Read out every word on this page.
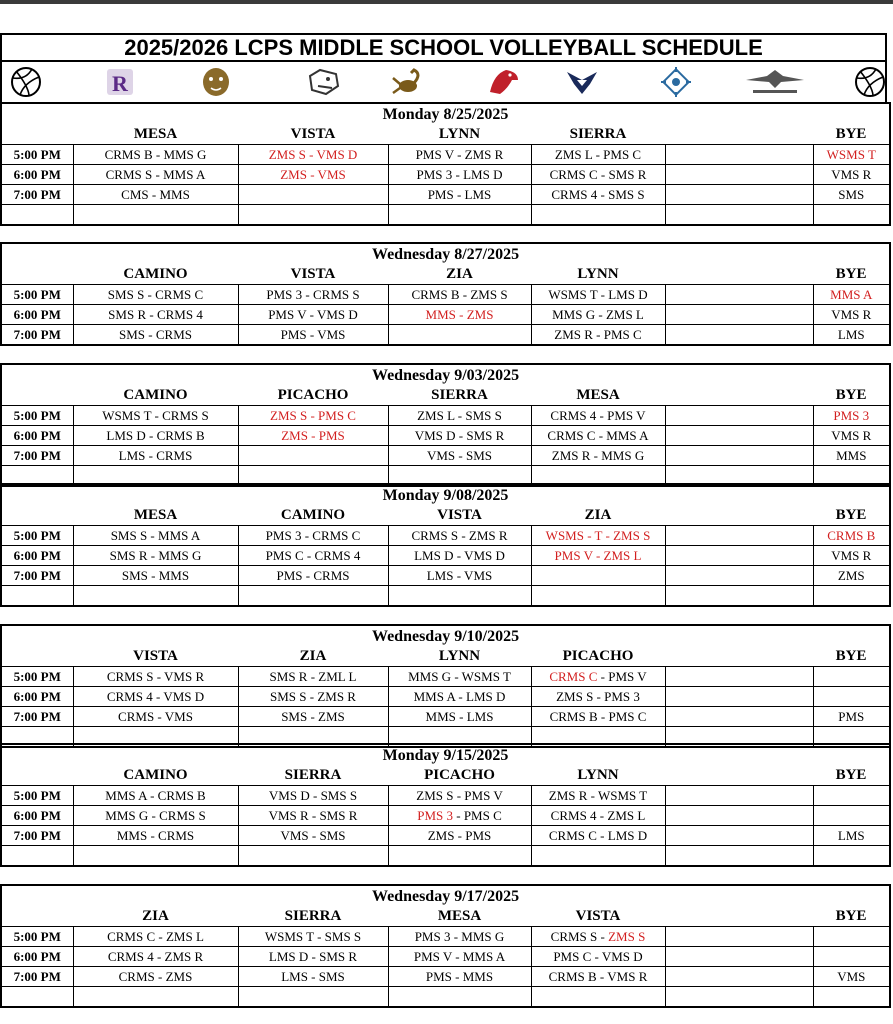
2025/2026 LCPS MIDDLE SCHOOL VOLLEYBALL SCHEDULE
R
Monday 8/25/2025						
	MESA	VISTA	LYNN	SIERRA		BYE
5:00 PM	CRMS B - MMS G	ZMS S - VMS D	PMS V - ZMS R	ZMS L - PMS C		WSMS T
6:00 PM	CRMS S - MMS A	ZMS - VMS	PMS 3 - LMS D	CRMS C - SMS R		VMS R
7:00 PM	CMS - MMS		PMS - LMS	CRMS 4 - SMS S		SMS

Wednesday 8/27/2025						
	CAMINO	VISTA	ZIA	LYNN		BYE
5:00 PM	SMS S - CRMS C	PMS 3 - CRMS S	CRMS B - ZMS S	WSMS T - LMS D		MMS A
6:00 PM	SMS R - CRMS 4	PMS V - VMS D	MMS - ZMS	MMS G - ZMS L		VMS R
7:00 PM	SMS - CRMS	PMS - VMS		ZMS R - PMS C		LMS
Wednesday 9/03/2025						
	CAMINO	PICACHO	SIERRA	MESA		BYE
5:00 PM	WSMS T - CRMS S	ZMS S - PMS C	ZMS L - SMS S	CRMS 4 - PMS V		PMS 3
6:00 PM	LMS D - CRMS B	ZMS - PMS	VMS D - SMS R	CRMS C - MMS A		VMS R
7:00 PM	LMS - CRMS		VMS - SMS	ZMS R - MMS G		MMS

Monday 9/08/2025						
	MESA	CAMINO	VISTA	ZIA		BYE
5:00 PM	SMS S - MMS A	PMS 3 - CRMS C	CRMS S - ZMS R	WSMS - T - ZMS S		CRMS B
6:00 PM	SMS R - MMS G	PMS C - CRMS 4	LMS D - VMS D	PMS V - ZMS L		VMS R
7:00 PM	SMS - MMS	PMS - CRMS	LMS - VMS			ZMS

Wednesday 9/10/2025						
	VISTA	ZIA	LYNN	PICACHO		BYE
5:00 PM	CRMS S - VMS R	SMS R - ZML L	MMS G - WSMS T	CRMS C - PMS V		
6:00 PM	CRMS 4 - VMS D	SMS S - ZMS R	MMS A - LMS D	ZMS S - PMS 3		
7:00 PM	CRMS - VMS	SMS - ZMS	MMS - LMS	CRMS B - PMS C		PMS

Monday 9/15/2025						
	CAMINO	SIERRA	PICACHO	LYNN		BYE
5:00 PM	MMS A - CRMS B	VMS D - SMS S	ZMS S - PMS V	ZMS R - WSMS T		
6:00 PM	MMS G - CRMS S	VMS R - SMS R	PMS 3 - PMS C	CRMS 4 - ZMS L		
7:00 PM	MMS - CRMS	VMS - SMS	ZMS - PMS	CRMS C - LMS D		LMS

Wednesday 9/17/2025						
	ZIA	SIERRA	MESA	VISTA		BYE
5:00 PM	CRMS C - ZMS L	WSMS T - SMS S	PMS 3 - MMS G	CRMS S - ZMS S		
6:00 PM	CRMS 4 - ZMS R	LMS D - SMS R	PMS V - MMS A	PMS C - VMS D		
7:00 PM	CRMS - ZMS	LMS - SMS	PMS - MMS	CRMS B - VMS R		VMS
